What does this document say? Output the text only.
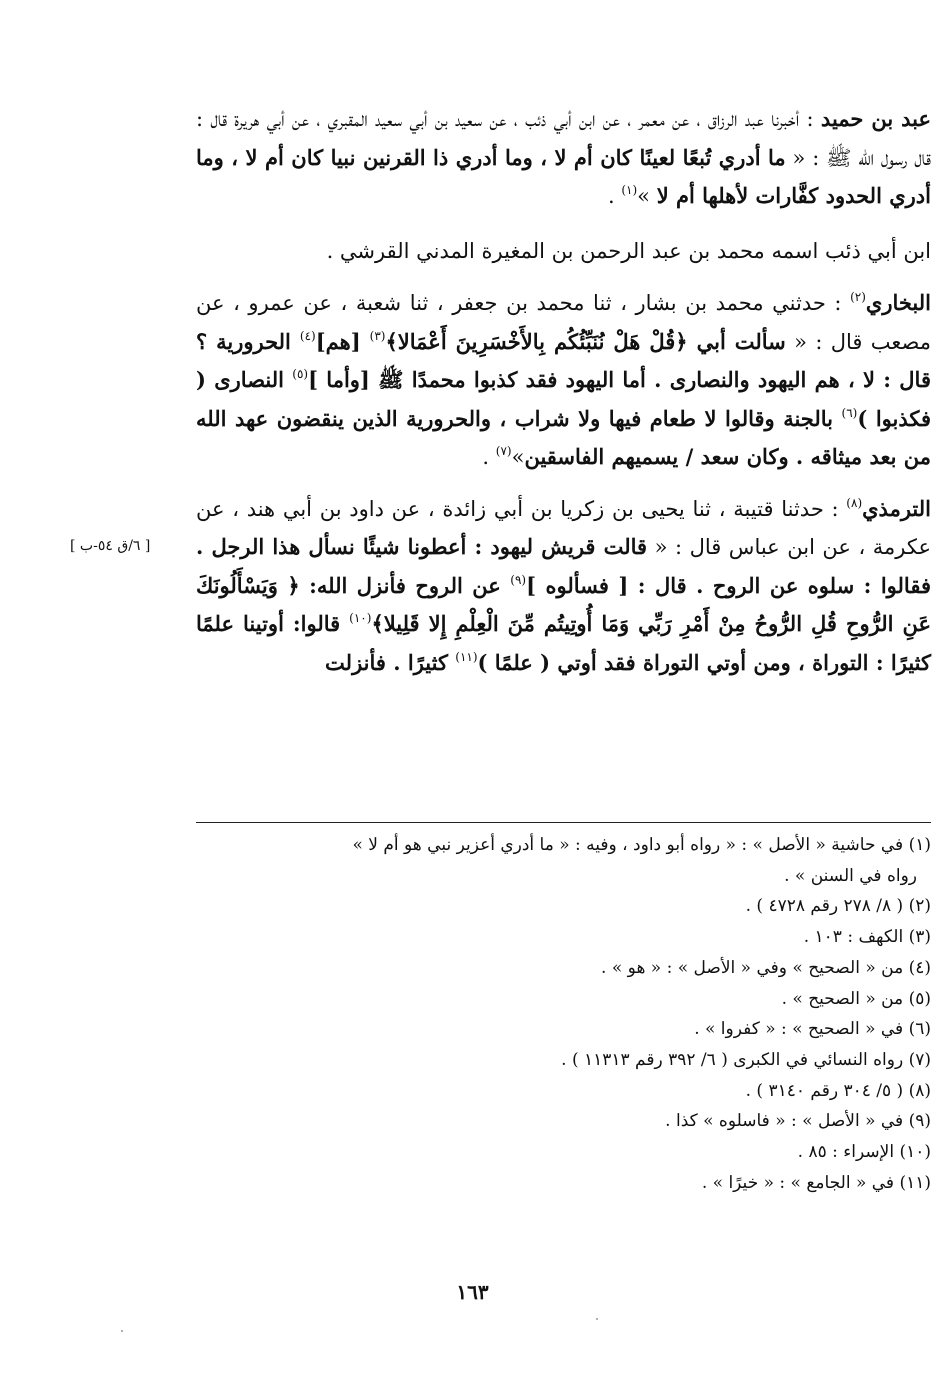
عبد بن حميد : أخبرنا عبد الرزاق ، عن معمر ، عن ابن أبي ذئب ، عن سعيد بن أبي سعيد المقبري ، عن أبي هريرة قال : قال رسول الله ﷺ : « ما أدري تُبعًا لعينًا كان أم لا ، وما أدري ذا القرنين نبيا كان أم لا ، وما أدري الحدود كفَّارات لأهلها أم لا »$^{(١)}$ .

ابن أبي ذئب اسمه محمد بن عبد الرحمن بن المغيرة المدني القرشي .

البخاري$^{(٢)}$ : حدثني محمد بن بشار ، ثنا محمد بن جعفر ، ثنا شعبة ، عن عمرو ، عن مصعب قال : « سألت أبي ﴿قُلْ هَلْ نُنَبِّئُكُم بِالأَخْسَرِينَ أَعْمَالا﴾$^{(٣)}$ [هم]$^{(٤)}$ الحرورية ؟ قال : لا ، هم اليهود والنصارى . أما اليهود فقد كذبوا محمدًا ﷺ [وأما ]$^{(٥)}$ النصارى ( فكذبوا )$^{(٦)}$ بالجنة وقالوا لا طعام فيها ولا شراب ، والحرورية الذين ينقضون عهد الله من بعد ميثاقه . وكان سعد / يسميهم الفاسقين»$^{(٧)}$ .

الترمذي$^{(٨)}$ : حدثنا قتيبة ، ثنا يحيى بن زكريا بن أبي زائدة ، عن داود بن أبي هند ، عن عكرمة ، عن ابن عباس قال : « قالت قريش ليهود : أعطونا شيئًا نسأل هذا الرجل . فقالوا : سلوه عن الروح . قال : [ فسألوه ]$^{(٩)}$ عن الروح فأنزل الله: ﴿ وَيَسْأَلُونَكَ عَنِ الرُّوحِ قُلِ الرُّوحُ مِنْ أَمْرِ رَبِّي وَمَا أُوتِيتُم مِّنَ الْعِلْمِ إِلا قَلِيلا﴾$^{(١٠)}$ قالوا: أوتينا علمًا كثيرًا : التوراة ، ومن أوتي التوراة فقد أوتي ( علمًا )$^{(١١)}$ كثيرًا . فأنزلت

[ ٦/ق ٥٤-ب ]

(١) في حاشية « الأصل » : « رواه أبو داود ، وفيه : « ما أدري أعزير نبي هو أم لا »

رواه في السنن » .

(٢) ( ٨/ ٢٧٨ رقم ٤٧٢٨ ) .

(٣) الكهف : ١٠٣ .

(٤) من « الصحيح » وفي « الأصل » : « هو » .

(٥) من « الصحيح » .

(٦) في « الصحيح » : « كفروا » .

(٧) رواه النسائي في الكبرى ( ٦/ ٣٩٢ رقم ١١٣١٣ ) .

(٨) ( ٥/ ٣٠٤ رقم ٣١٤٠ ) .

(٩) في « الأصل » : « فاسلوه » كذا .

(١٠) الإسراء : ٨٥ .

(١١) في « الجامع » : « خيرًا » .

١٦٣
